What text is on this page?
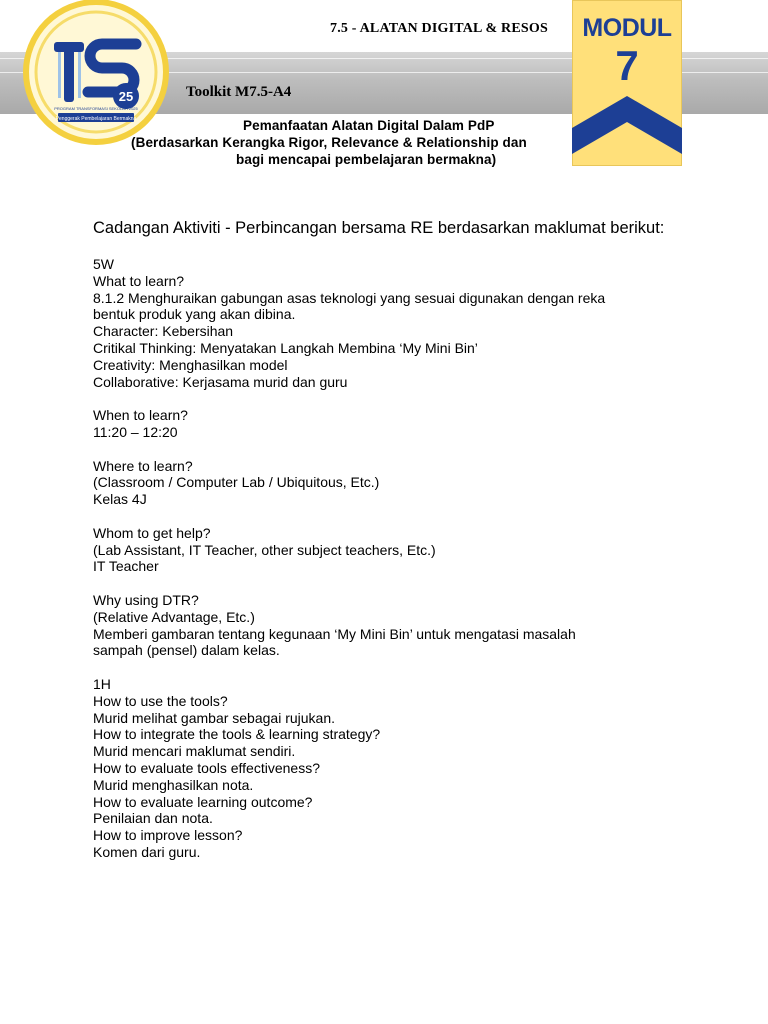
7.5 - ALATAN DIGITAL & RESOS
Toolkit M7.5-A4
25
PROGRAM TRANSFORMASI SEKOLAH 2025
Penggerak Pembelajaran Bermakna
MODUL
7
Pemanfaatan Alatan Digital Dalam PdP
(Berdasarkan Kerangka Rigor, Relevance & Relationship dan
bagi mencapai pembelajaran bermakna)
Cadangan Aktiviti - Perbincangan bersama RE berdasarkan maklumat berikut:
5W
What to learn?
8.1.2 Menghuraikan gabungan asas teknologi yang sesuai digunakan dengan reka
bentuk produk yang akan dibina.
Character: Kebersihan
Critikal Thinking: Menyatakan Langkah Membina ‘My Mini Bin’
Creativity: Menghasilkan model
Collaborative: Kerjasama murid dan guru
When to learn?
11:20 – 12:20
Where to learn?
(Classroom / Computer Lab / Ubiquitous, Etc.)
Kelas 4J
Whom to get help?
(Lab Assistant, IT Teacher, other subject teachers, Etc.)
IT Teacher
Why using DTR?
(Relative Advantage, Etc.)
Memberi gambaran tentang kegunaan ‘My Mini Bin’ untuk mengatasi masalah
sampah (pensel) dalam kelas.
1H
How to use the tools?
Murid melihat gambar sebagai rujukan.
How to integrate the tools & learning strategy?
Murid mencari maklumat sendiri.
How to evaluate tools effectiveness?
Murid menghasilkan nota.
How to evaluate learning outcome?
Penilaian dan nota.
How to improve lesson?
Komen dari guru.
